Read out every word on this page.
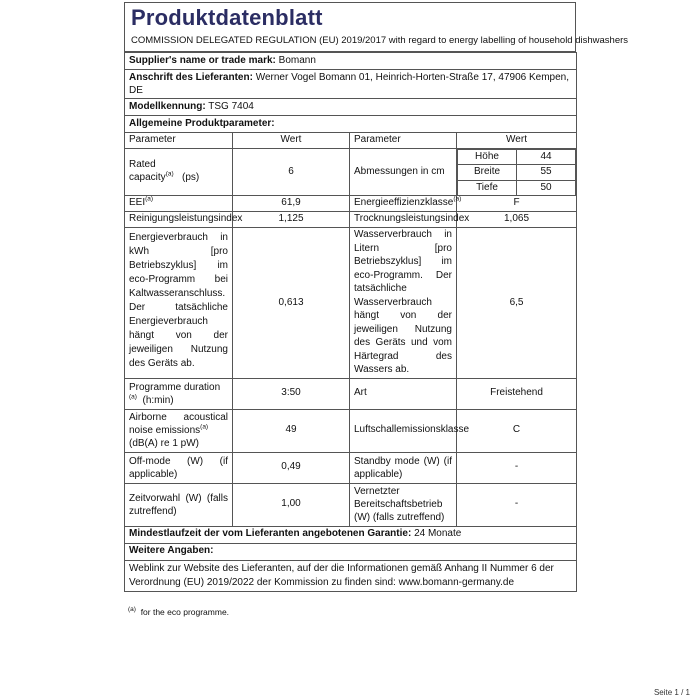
Produktdatenblatt
COMMISSION DELEGATED REGULATION (EU) 2019/2017 with regard to energy labelling of household dishwashers
Supplier's name or trade mark: Bomann
Anschrift des Lieferanten: Werner Vogel Bomann 01, Heinrich-Horten-Straße 17, 47906 Kempen, DE
Modellkennung: TSG 7404
Allgemeine Produktparameter:
Parameter	Wert	Parameter	Wert
Rated capacity$^{(a)}$ (ps)	6	Abmessungen in cm	
Höhe	44
Breite	55
Tiefe	50

EEI$^{(a)}$	61,9	Energieeffizienzklasse$^{(a)}$	F
Reinigungsleistungsindex	1,125	Trocknungsleistungsindex	1,065
Energieverbrauch in kWh [pro Betriebszyklus] im eco-Programm bei Kaltwasseranschluss. Der tatsächliche Energieverbrauch hängt von der jeweiligen Nutzung des Geräts ab.	0,613	Wasserverbrauch in Litern [pro Betriebszyklus] im eco-Programm. Der tatsächliche Wasserverbrauch hängt von der jeweiligen Nutzung des Geräts und vom Härtegrad des Wassers ab.	6,5
Programme duration
$^{(a)}$ (h:min)	3:50	Art	Freistehend
Airborne acoustical noise emissions$^{(a)}$
(dB(A) re 1 pW)	49	Luftschallemissionsklasse	C
Off-mode (W) (if applicable)	0,49	Standby mode (W) (if applicable)	-
Zeitvorwahl (W) (falls zutreffend)	1,00	Vernetzter Bereitschaftsbetrieb (W) (falls zutreffend)	-
Mindestlaufzeit der vom Lieferanten angebotenen Garantie: 24 Monate
Weitere Angaben:
Weblink zur Website des Lieferanten, auf der die Informationen gemäß Anhang II Nummer 6 der Verordnung (EU) 2019/2022 der Kommission zu finden sind: www.bomann-germany.de
$^{(a)}$ for the eco programme.
Seite 1 / 1
